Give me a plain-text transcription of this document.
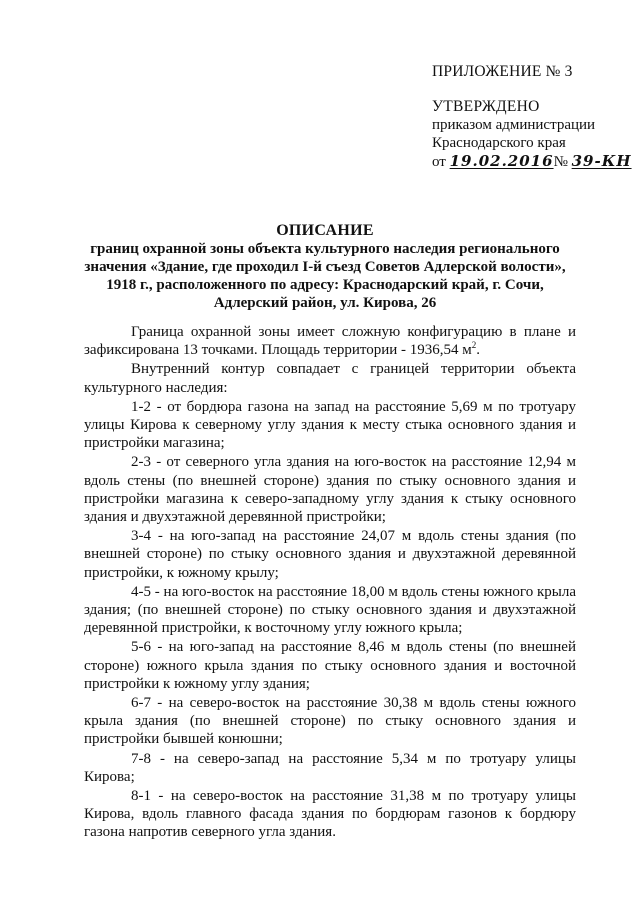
ПРИЛОЖЕНИЕ № 3
УТВЕРЖДЕНО
приказом администрации
Краснодарского края
от 19.02.2016№ 39-КН
ОПИСАНИЕ
границ охранной зоны объекта культурного наследия регионального значения «Здание, где проходил I-й съезд Советов Адлерской волости», 1918 г., расположенного по адресу: Краснодарский край, г. Сочи, Адлерский район, ул. Кирова, 26

Граница охранной зоны имеет сложную конфигурацию в плане и зафиксирована 13 точками. Площадь территории - 1936,54 $м^2$.

Внутренний контур совпадает с границей территории объекта культурного наследия:

1-2 - от бордюра газона на запад на расстояние 5,69 м по тротуару улицы Кирова к северному углу здания к месту стыка основного здания и пристройки магазина;

2-3 - от северного угла здания на юго-восток на расстояние 12,94 м вдоль стены (по внешней стороне) здания по стыку основного здания и пристройки магазина к северо-западному углу здания к стыку основного здания и двухэтажной деревянной пристройки;

3-4 - на юго-запад на расстояние 24,07 м вдоль стены здания (по внешней стороне) по стыку основного здания и двухэтажной деревянной пристройки, к южному крылу;

4-5 - на юго-восток на расстояние 18,00 м вдоль стены южного крыла здания; (по внешней стороне) по стыку основного здания и двухэтажной деревянной пристройки, к восточному углу южного крыла;

5-6 - на юго-запад на расстояние 8,46 м вдоль стены (по внешней стороне) южного крыла здания по стыку основного здания и восточной пристройки к южному углу здания;

6-7 - на северо-восток на расстояние 30,38 м вдоль стены южного крыла здания (по внешней стороне) по стыку основного здания и пристройки бывшей конюшни;

7-8 - на северо-запад на расстояние 5,34 м по тротуару улицы Кирова;

8-1 - на северо-восток на расстояние 31,38 м по тротуару улицы Кирова, вдоль главного фасада здания по бордюрам газонов к бордюру газона напротив северного угла здания.
